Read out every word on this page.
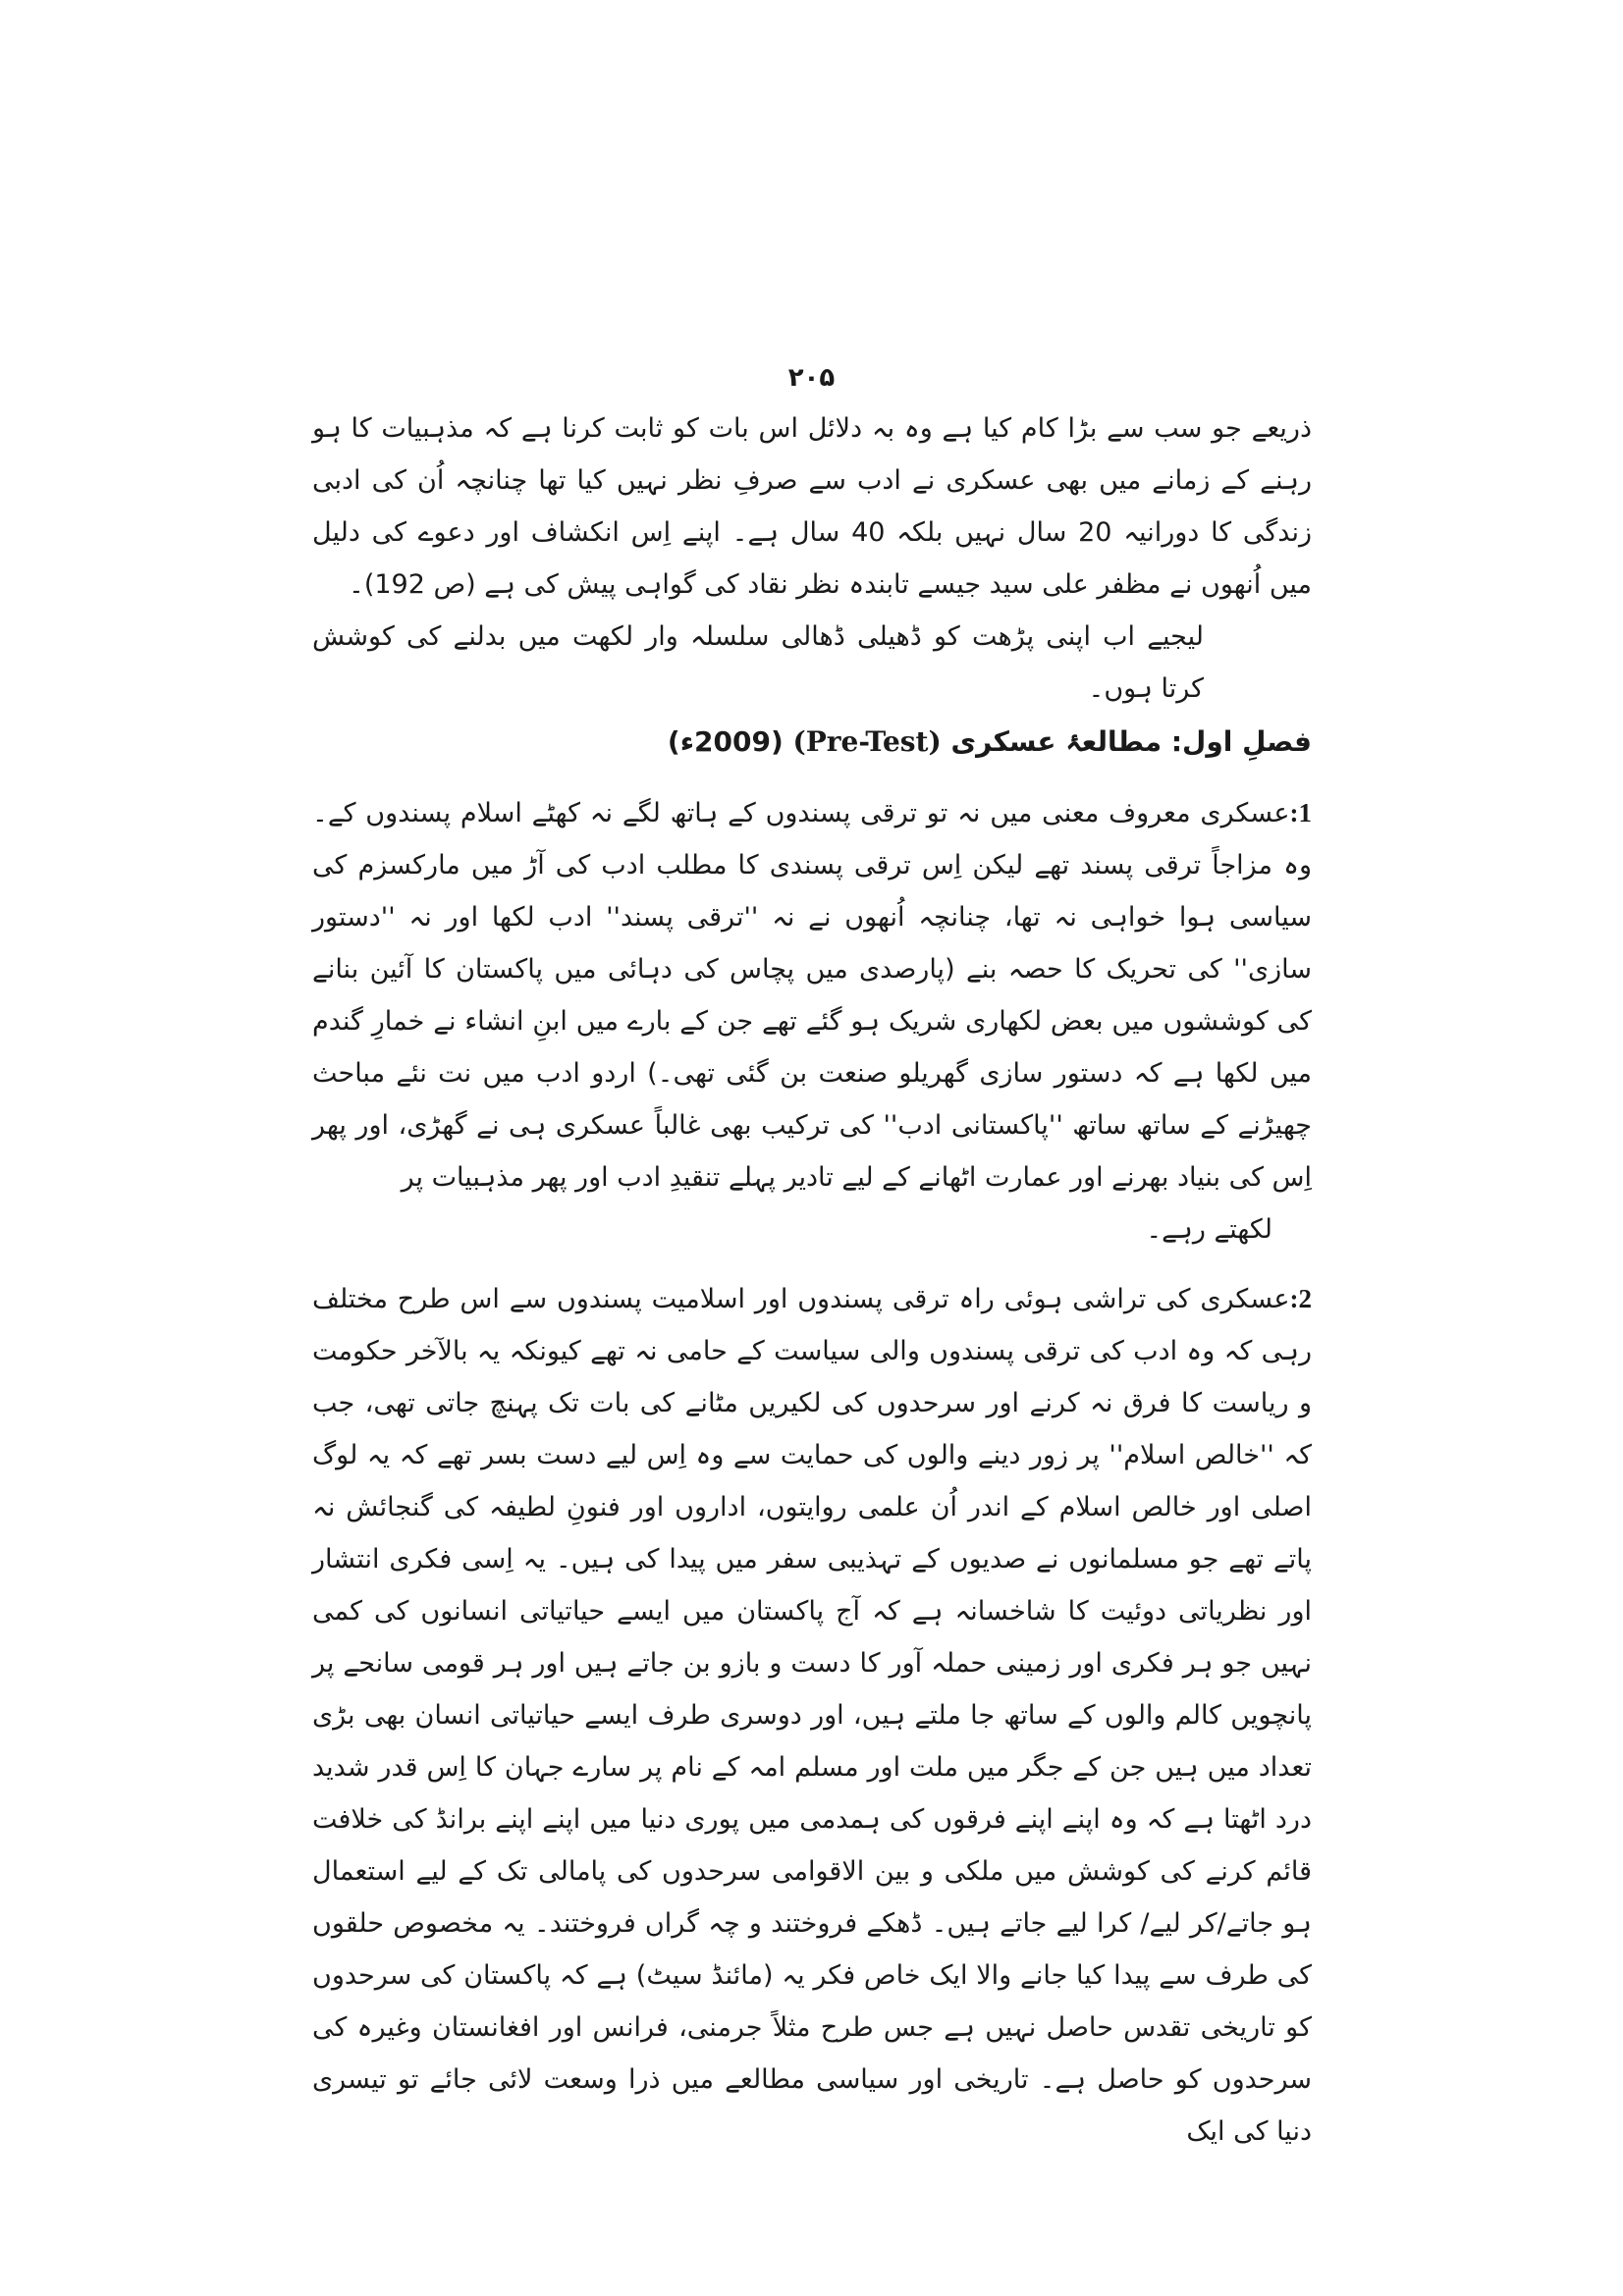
۲۰۵

ذریعے جو سب سے بڑا کام کیا ہے وہ بہ دلائل اس بات کو ثابت کرنا ہے کہ مذہبیات کا ہو رہنے کے زمانے میں بھی عسکری نے ادب سے صرفِ نظر نہیں کیا تھا چنانچہ اُن کی ادبی زندگی کا دورانیہ 20 سال نہیں بلکہ 40 سال ہے۔ اپنے اِس انکشاف اور دعوے کی دلیل میں اُنھوں نے مظفر علی سید جیسے تابندہ نظر نقاد کی گواہی پیش کی ہے (ص 192)۔

لیجیے اب اپنی پڑھت کو ڈھیلی ڈھالی سلسلہ وار لکھت میں بدلنے کی کوشش کرتا ہوں۔

فصلِ اول: مطالعۂ عسکری (Pre-Test) (2009ء)

1:عسکری معروف معنی میں نہ تو ترقی پسندوں کے ہاتھ لگے نہ کھٹے اسلام پسندوں کے۔ وہ مزاجاً ترقی پسند تھے لیکن اِس ترقی پسندی کا مطلب ادب کی آڑ میں مارکسزم کی سیاسی ہوا خواہی نہ تھا، چنانچہ اُنھوں نے نہ ''ترقی پسند'' ادب لکھا اور نہ ''دستور سازی'' کی تحریک کا حصہ بنے (پارصدی میں پچاس کی دہائی میں پاکستان کا آئین بنانے کی کوششوں میں بعض لکھاری شریک ہو گئے تھے جن کے بارے میں ابنِ انشاء نے خمارِ گندم میں لکھا ہے کہ دستور سازی گھریلو صنعت بن گئی تھی۔) اردو ادب میں نت نئے مباحث چھیڑنے کے ساتھ ساتھ ''پاکستانی ادب'' کی ترکیب بھی غالباً عسکری ہی نے گھڑی، اور پھر اِس کی بنیاد بھرنے اور عمارت اٹھانے کے لیے تادیر پہلے تنقیدِ ادب اور پھر مذہبیات پر

لکھتے رہے۔

2:عسکری کی تراشی ہوئی راہ ترقی پسندوں اور اسلامیت پسندوں سے اس طرح مختلف رہی کہ وہ ادب کی ترقی پسندوں والی سیاست کے حامی نہ تھے کیونکہ یہ بالآخر حکومت و ریاست کا فرق نہ کرنے اور سرحدوں کی لکیریں مٹانے کی بات تک پہنچ جاتی تھی، جب کہ ''خالص اسلام'' پر زور دینے والوں کی حمایت سے وہ اِس لیے دست بسر تھے کہ یہ لوگ اصلی اور خالص اسلام کے اندر اُن علمی روایتوں، اداروں اور فنونِ لطیفہ کی گنجائش نہ پاتے تھے جو مسلمانوں نے صدیوں کے تہذیبی سفر میں پیدا کی ہیں۔ یہ اِسی فکری انتشار اور نظریاتی دوئیت کا شاخسانہ ہے کہ آج پاکستان میں ایسے حیاتیاتی انسانوں کی کمی نہیں جو ہر فکری اور زمینی حملہ آور کا دست و بازو بن جاتے ہیں اور ہر قومی سانحے پر پانچویں کالم والوں کے ساتھ جا ملتے ہیں، اور دوسری طرف ایسے حیاتیاتی انسان بھی بڑی تعداد میں ہیں جن کے جگر میں ملت اور مسلم امہ کے نام پر سارے جہان کا اِس قدر شدید درد اٹھتا ہے کہ وہ اپنے اپنے فرقوں کی ہمدمی میں پوری دنیا میں اپنے اپنے برانڈ کی خلافت قائم کرنے کی کوشش میں ملکی و بین الاقوامی سرحدوں کی پامالی تک کے لیے استعمال ہو جاتے/کر لیے/ کرا لیے جاتے ہیں۔ ڈھکے فروختند و چہ گراں فروختند۔ یہ مخصوص حلقوں کی طرف سے پیدا کیا جانے والا ایک خاص فکر یہ (مائنڈ سیٹ) ہے کہ پاکستان کی سرحدوں کو تاریخی تقدس حاصل نہیں ہے جس طرح مثلاً جرمنی، فرانس اور افغانستان وغیرہ کی سرحدوں کو حاصل ہے۔ تاریخی اور سیاسی مطالعے میں ذرا وسعت لائی جائے تو تیسری دنیا کی ایک
